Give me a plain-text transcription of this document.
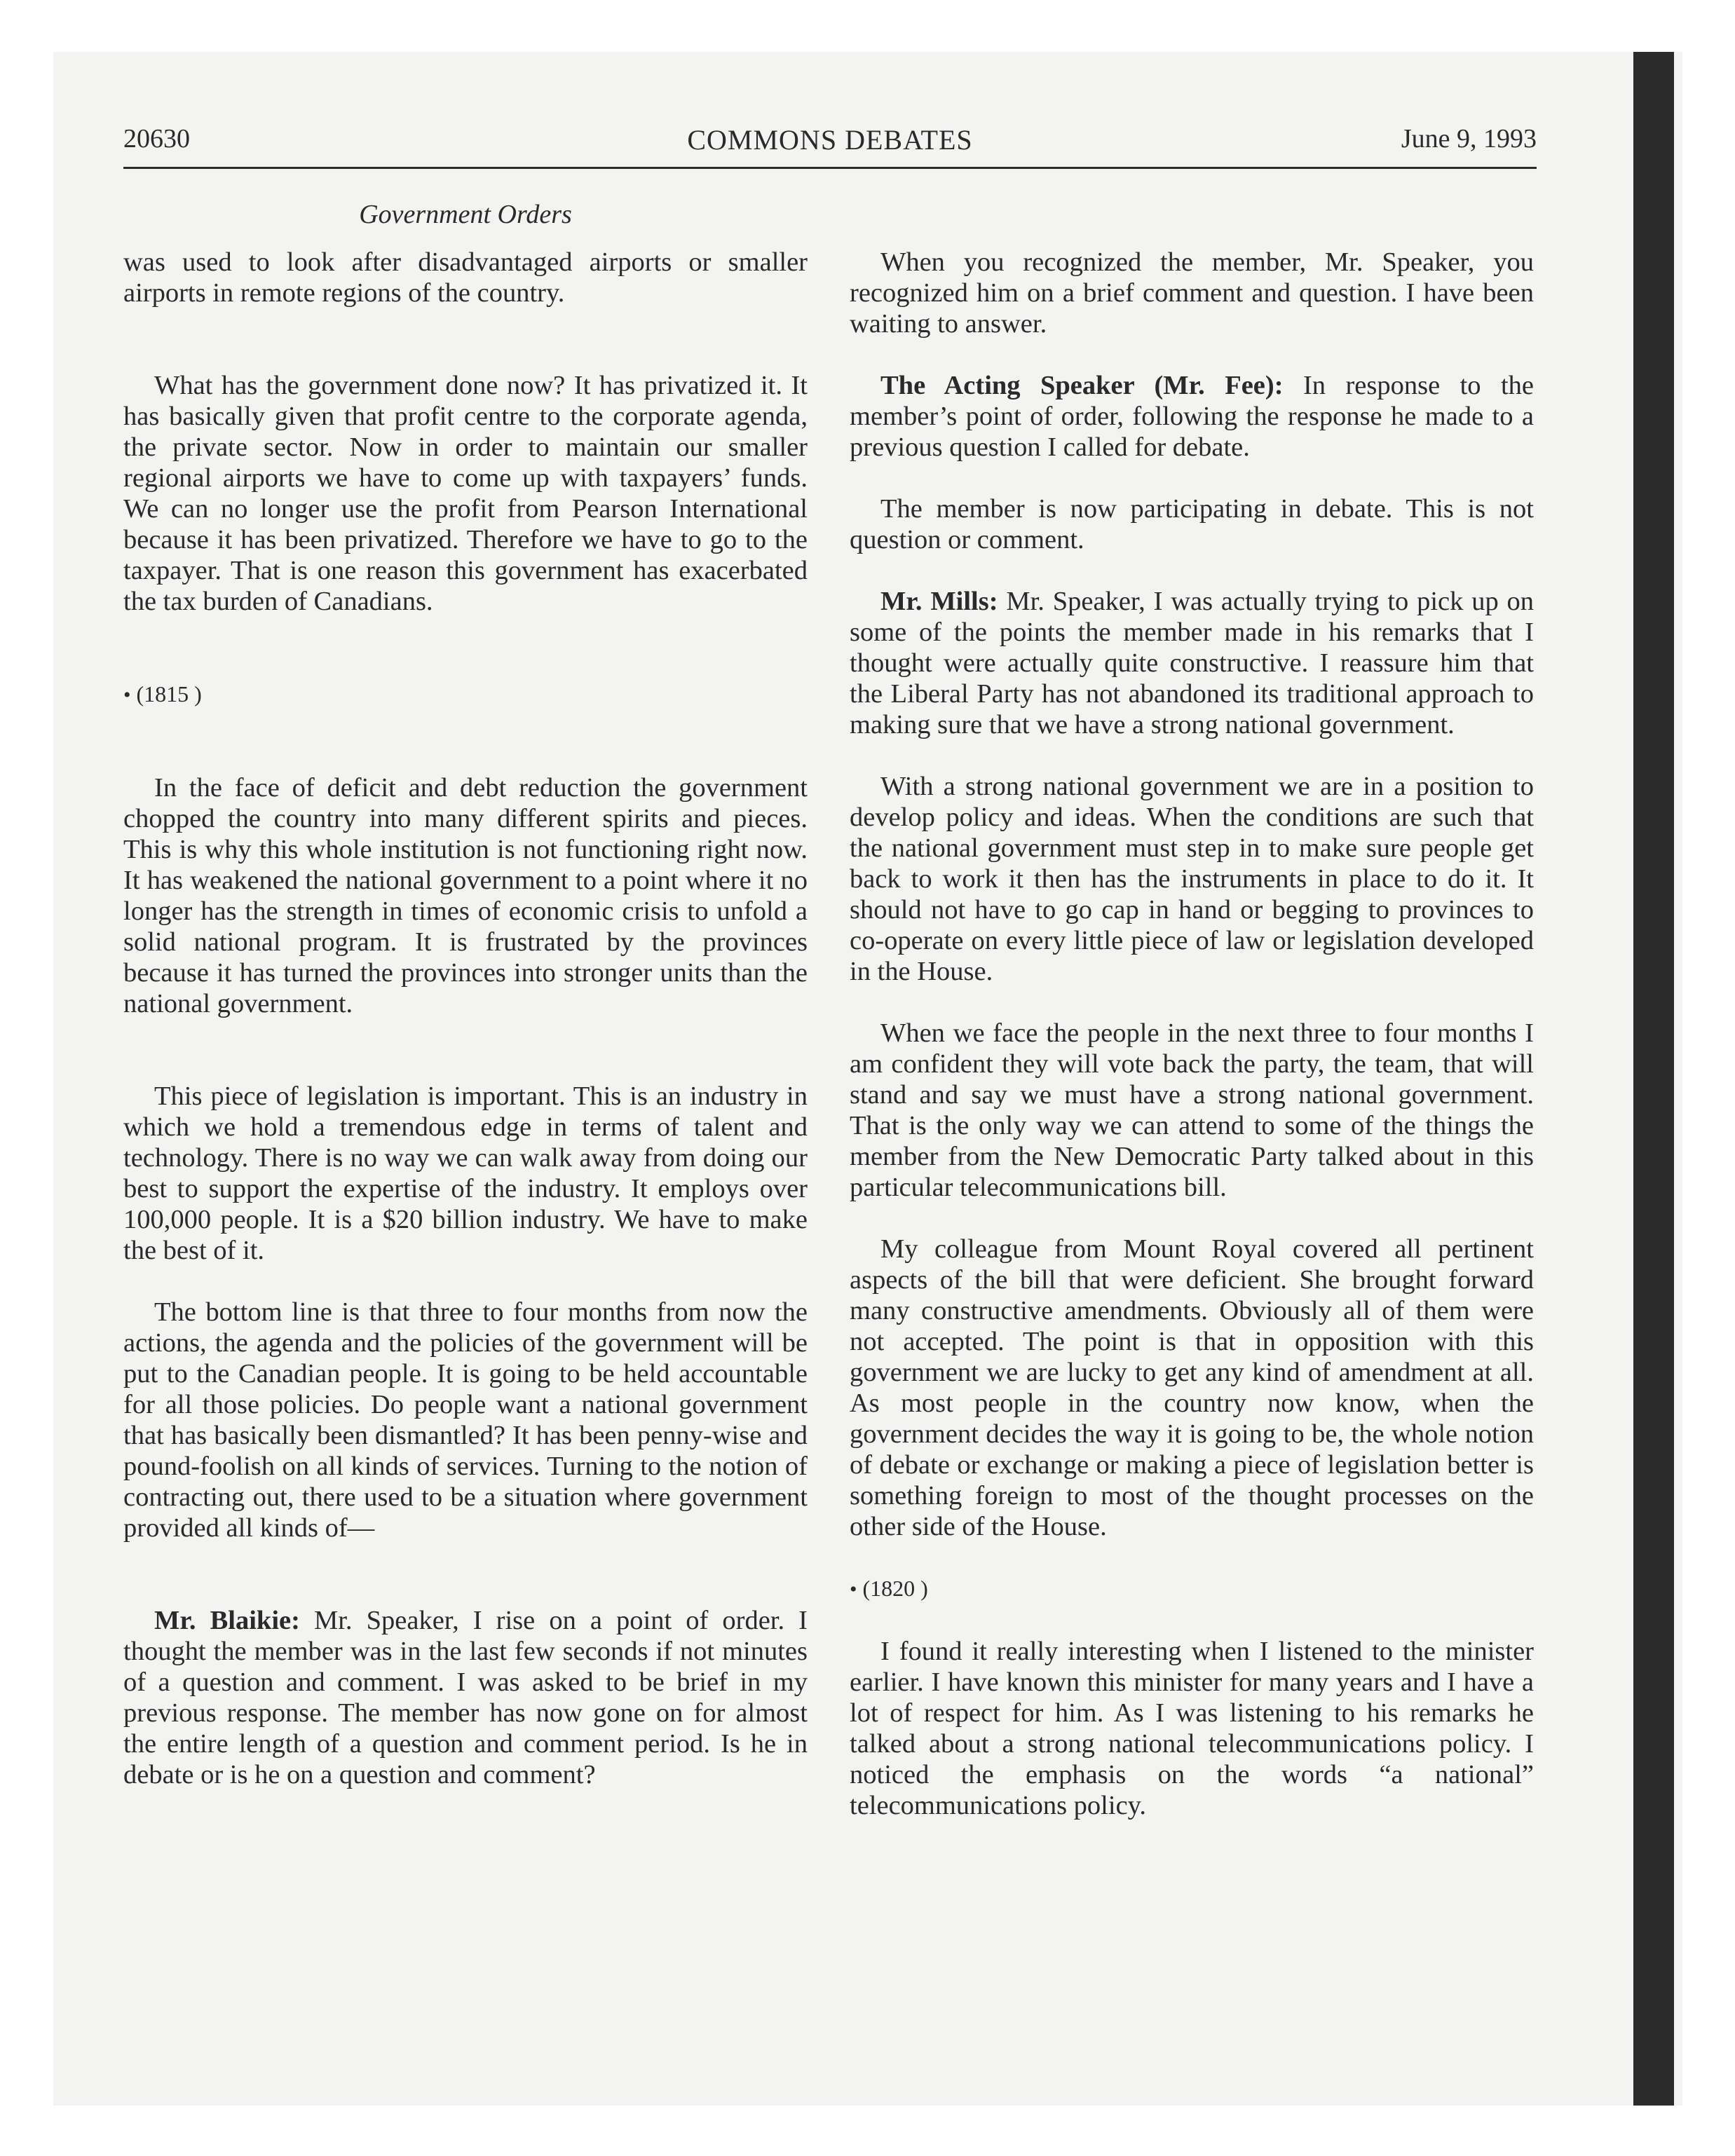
20630	COMMONS DEBATES	June 9, 1993
Government Orders

was used to look after disadvantaged airports or smaller airports in remote regions of the country.

What has the government done now? It has privatized it. It has basically given that profit centre to the corporate agenda, the private sector. Now in order to maintain our smaller regional airports we have to come up with taxpayers’ funds. We can no longer use the profit from Pearson International because it has been privatized. Therefore we have to go to the taxpayer. That is one reason this government has exacerbated the tax burden of Canadians.

• (1815 )

In the face of deficit and debt reduction the government chopped the country into many different spirits and pieces. This is why this whole institution is not functioning right now. It has weakened the national government to a point where it no longer has the strength in times of economic crisis to unfold a solid national program. It is frustrated by the provinces because it has turned the provinces into stronger units than the national government.

This piece of legislation is important. This is an industry in which we hold a tremendous edge in terms of talent and technology. There is no way we can walk away from doing our best to support the expertise of the industry. It employs over 100,000 people. It is a $20 billion industry. We have to make the best of it.

The bottom line is that three to four months from now the actions, the agenda and the policies of the government will be put to the Canadian people. It is going to be held accountable for all those policies. Do people want a national government that has basically been dismantled? It has been penny-wise and pound-foolish on all kinds of services. Turning to the notion of contracting out, there used to be a situation where government provided all kinds of—

Mr. Blaikie: Mr. Speaker, I rise on a point of order. I thought the member was in the last few seconds if not minutes of a question and comment. I was asked to be brief in my previous response. The member has now gone on for almost the entire length of a question and comment period. Is he in debate or is he on a question and comment?

When you recognized the member, Mr. Speaker, you recognized him on a brief comment and question. I have been waiting to answer.

The Acting Speaker (Mr. Fee): In response to the member’s point of order, following the response he made to a previous question I called for debate.

The member is now participating in debate. This is not question or comment.

Mr. Mills: Mr. Speaker, I was actually trying to pick up on some of the points the member made in his remarks that I thought were actually quite constructive. I reassure him that the Liberal Party has not abandoned its traditional approach to making sure that we have a strong national government.

With a strong national government we are in a position to develop policy and ideas. When the conditions are such that the national government must step in to make sure people get back to work it then has the instruments in place to do it. It should not have to go cap in hand or begging to provinces to co-operate on every little piece of law or legislation developed in the House.

When we face the people in the next three to four months I am confident they will vote back the party, the team, that will stand and say we must have a strong national government. That is the only way we can attend to some of the things the member from the New Democratic Party talked about in this particular telecommunications bill.

My colleague from Mount Royal covered all pertinent aspects of the bill that were deficient. She brought forward many constructive amendments. Obviously all of them were not accepted. The point is that in opposition with this government we are lucky to get any kind of amendment at all. As most people in the country now know, when the government decides the way it is going to be, the whole notion of debate or exchange or making a piece of legislation better is something foreign to most of the thought processes on the other side of the House.

• (1820 )

I found it really interesting when I listened to the minister earlier. I have known this minister for many years and I have a lot of respect for him. As I was listening to his remarks he talked about a strong national telecommunications policy. I noticed the emphasis on the words “a national” telecommunications policy.
